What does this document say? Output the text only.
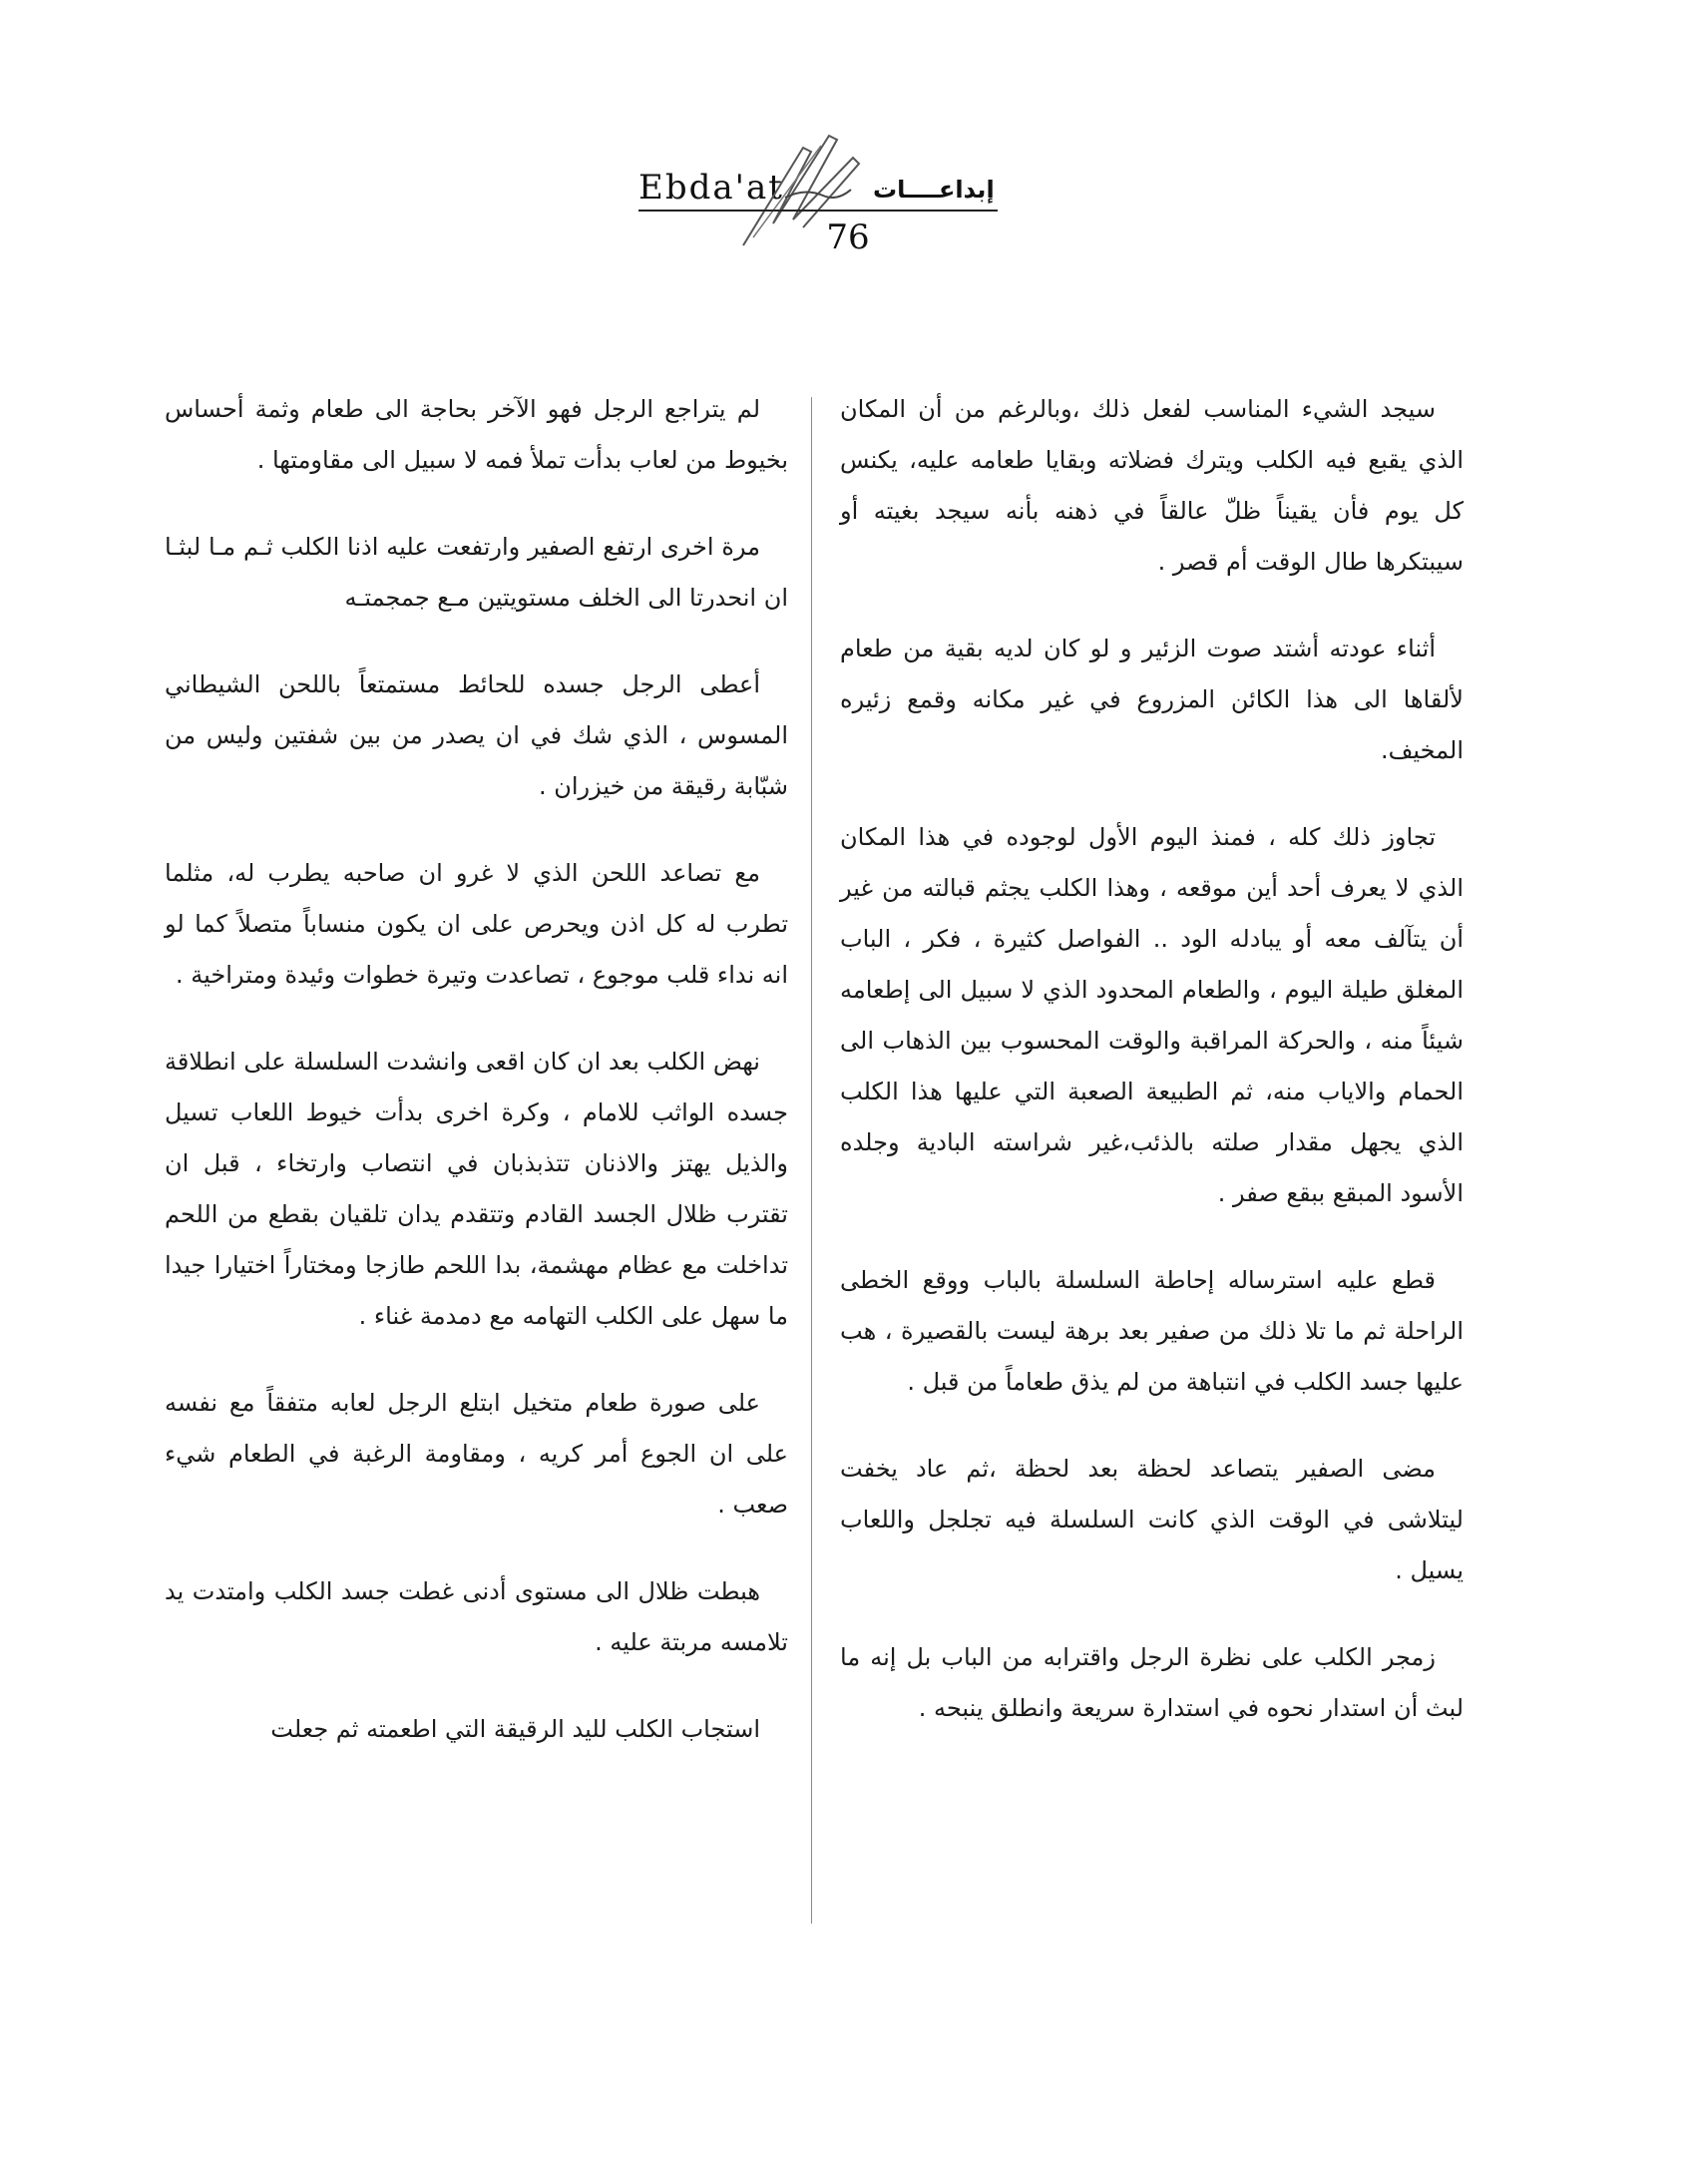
Ebda'at	إبداعــــات
76

سيجد الشيء المناسب لفعل ذلك ،وبالرغم من أن المكان الذي يقبع فيه الكلب ويترك فضلاته وبقايا طعامه عليه، يكنس كل يوم فأن يقيناً ظلّ عالقاً في ذهنه بأنه سيجد بغيته أو سيبتكرها طال الوقت أم قصر .

أثناء عودته أشتد صوت الزئير و لو كان لديه بقية من طعام لألقاها الى هذا الكائن المزروع في غير مكانه وقمع زئيره المخيف.

تجاوز ذلك كله ، فمنذ اليوم الأول لوجوده في هذا المكان الذي لا يعرف أحد أين موقعه ، وهذا الكلب يجثم قبالته من غير أن يتآلف معه أو يبادله الود .. الفواصل كثيرة ، فكر ، الباب المغلق طيلة اليوم ، والطعام المحدود الذي لا سبيل الى إطعامه شيئاً منه ، والحركة المراقبة والوقت المحسوب بين الذهاب الى الحمام والاياب منه، ثم الطبيعة الصعبة التي عليها هذا الكلب الذي يجهل مقدار صلته بالذئب،غير شراسته البادية وجلده الأسود المبقع ببقع صفر .

قطع عليه استرساله إحاطة السلسلة بالباب ووقع الخطى الراحلة ثم ما تلا ذلك من صفير بعد برهة ليست بالقصيرة ، هب عليها جسد الكلب في انتباهة من لم يذق طعاماً من قبل .

مضى الصفير يتصاعد لحظة بعد لحظة ،ثم عاد يخفت ليتلاشى في الوقت الذي كانت السلسلة فيه تجلجل واللعاب يسيل .

زمجر الكلب على نظرة الرجل واقترابه من الباب بل إنه ما لبث أن استدار نحوه في استدارة سريعة وانطلق ينبحه .

لم يتراجع الرجل فهو الآخر بحاجة الى طعام وثمة أحساس بخيوط من لعاب بدأت تملأ فمه لا سبيل الى مقاومتها .

مرة اخرى ارتفع الصفير وارتفعت عليه اذنا الكلب ثـم مـا لبثـا ان انحدرتا الى الخلف مستويتين مـع جمجمتـه

أعطى الرجل جسده للحائط مستمتعاً باللحن الشيطاني المسوس ، الذي شك في ان يصدر من بين شفتين وليس من شبّابة رقيقة من خيزران .

مع تصاعد اللحن الذي لا غرو ان صاحبه يطرب له، مثلما تطرب له كل اذن ويحرص على ان يكون منساباً متصلاً كما لو انه نداء قلب موجوع ، تصاعدت وتيرة خطوات وئيدة ومتراخية .

نهض الكلب بعد ان كان اقعى وانشدت السلسلة على انطلاقة جسده الواثب للامام ، وكرة اخرى بدأت خيوط اللعاب تسيل والذيل يهتز والاذنان تتذبذبان في انتصاب وارتخاء ، قبل ان تقترب ظلال الجسد القادم وتتقدم يدان تلقيان بقطع من اللحم تداخلت مع عظام مهشمة، بدا اللحم طازجا ومختاراً اختيارا جيدا ما سهل على الكلب التهامه مع دمدمة غناء .

على صورة طعام متخيل ابتلع الرجل لعابه متفقاً مع نفسه على ان الجوع أمر كريه ، ومقاومة الرغبة في الطعام شيء صعب .

هبطت ظلال الى مستوى أدنى غطت جسد الكلب وامتدت يد تلامسه مربتة عليه .

استجاب الكلب لليد الرقيقة التي اطعمته ثم جعلت
